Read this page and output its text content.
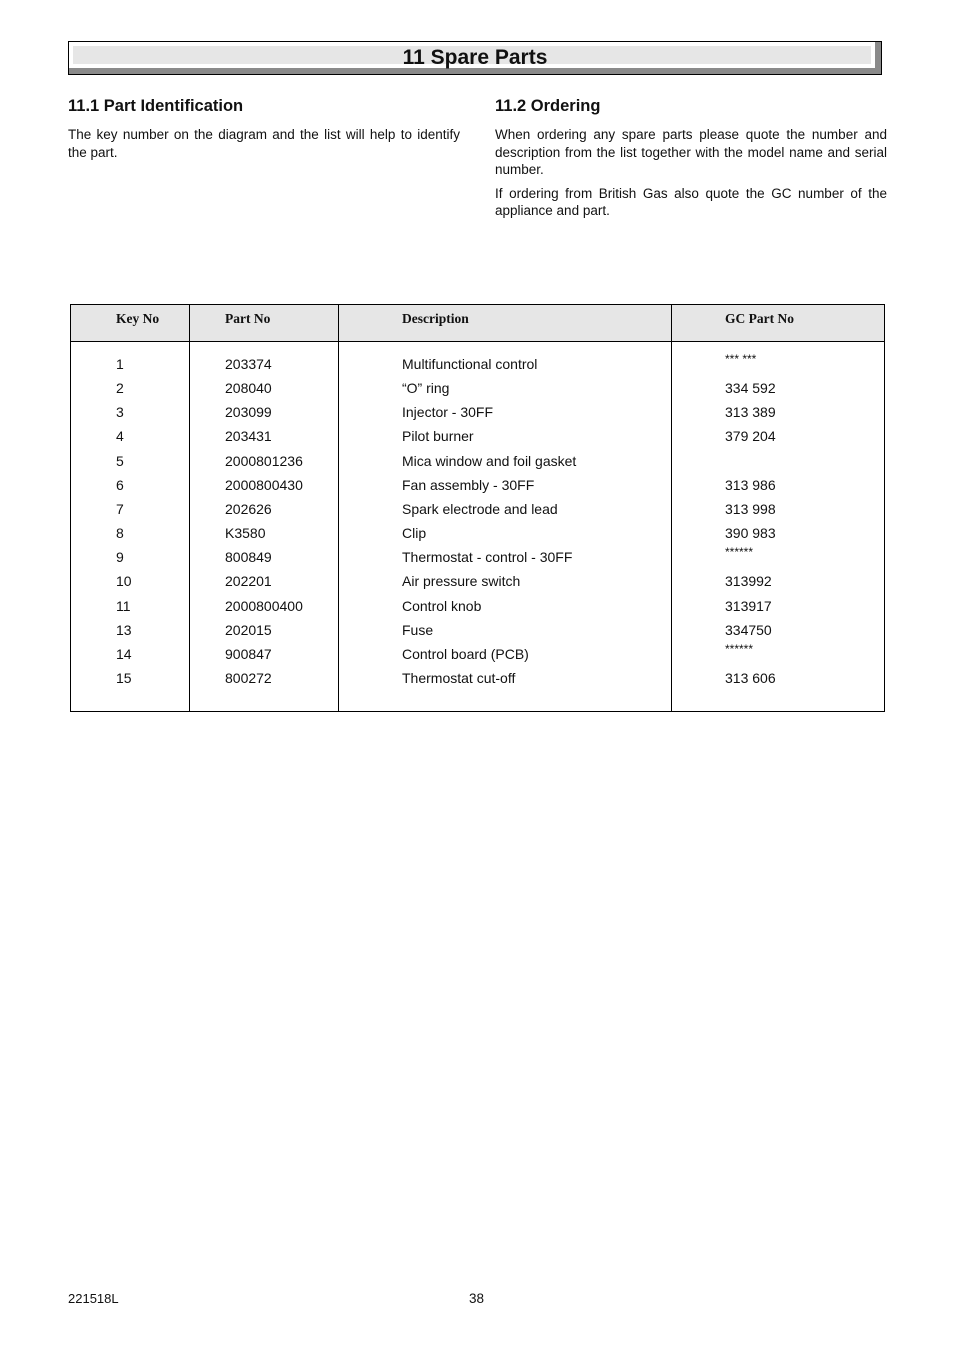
11 Spare Parts
11.1 Part Identification

The key number on the diagram and the list will help to identify the part.

11.2 Ordering

When ordering any spare parts please quote the number and description from the list together with the model name and serial number.

If ordering from British Gas also quote the GC number of the appliance and part.

Key No	Part No	Description	GC Part No
1	203374	Multifunctional control	*** ***
2	208040	“O” ring	334 592
3	203099	Injector - 30FF	313 389
4	203431	Pilot burner	379 204
5	2000801236	Mica window and foil gasket
6	2000800430	Fan assembly - 30FF	313 986
7	202626	Spark electrode and lead	313 998
8	K3580	Clip	390 983
9	800849	Thermostat - control - 30FF	******
10	202201	Air pressure switch	313992
11	2000800400	Control knob	313917
13	202015	Fuse	334750
14	900847	Control board (PCB)	******
15	800272	Thermostat cut-off	313 606
221518L	38
